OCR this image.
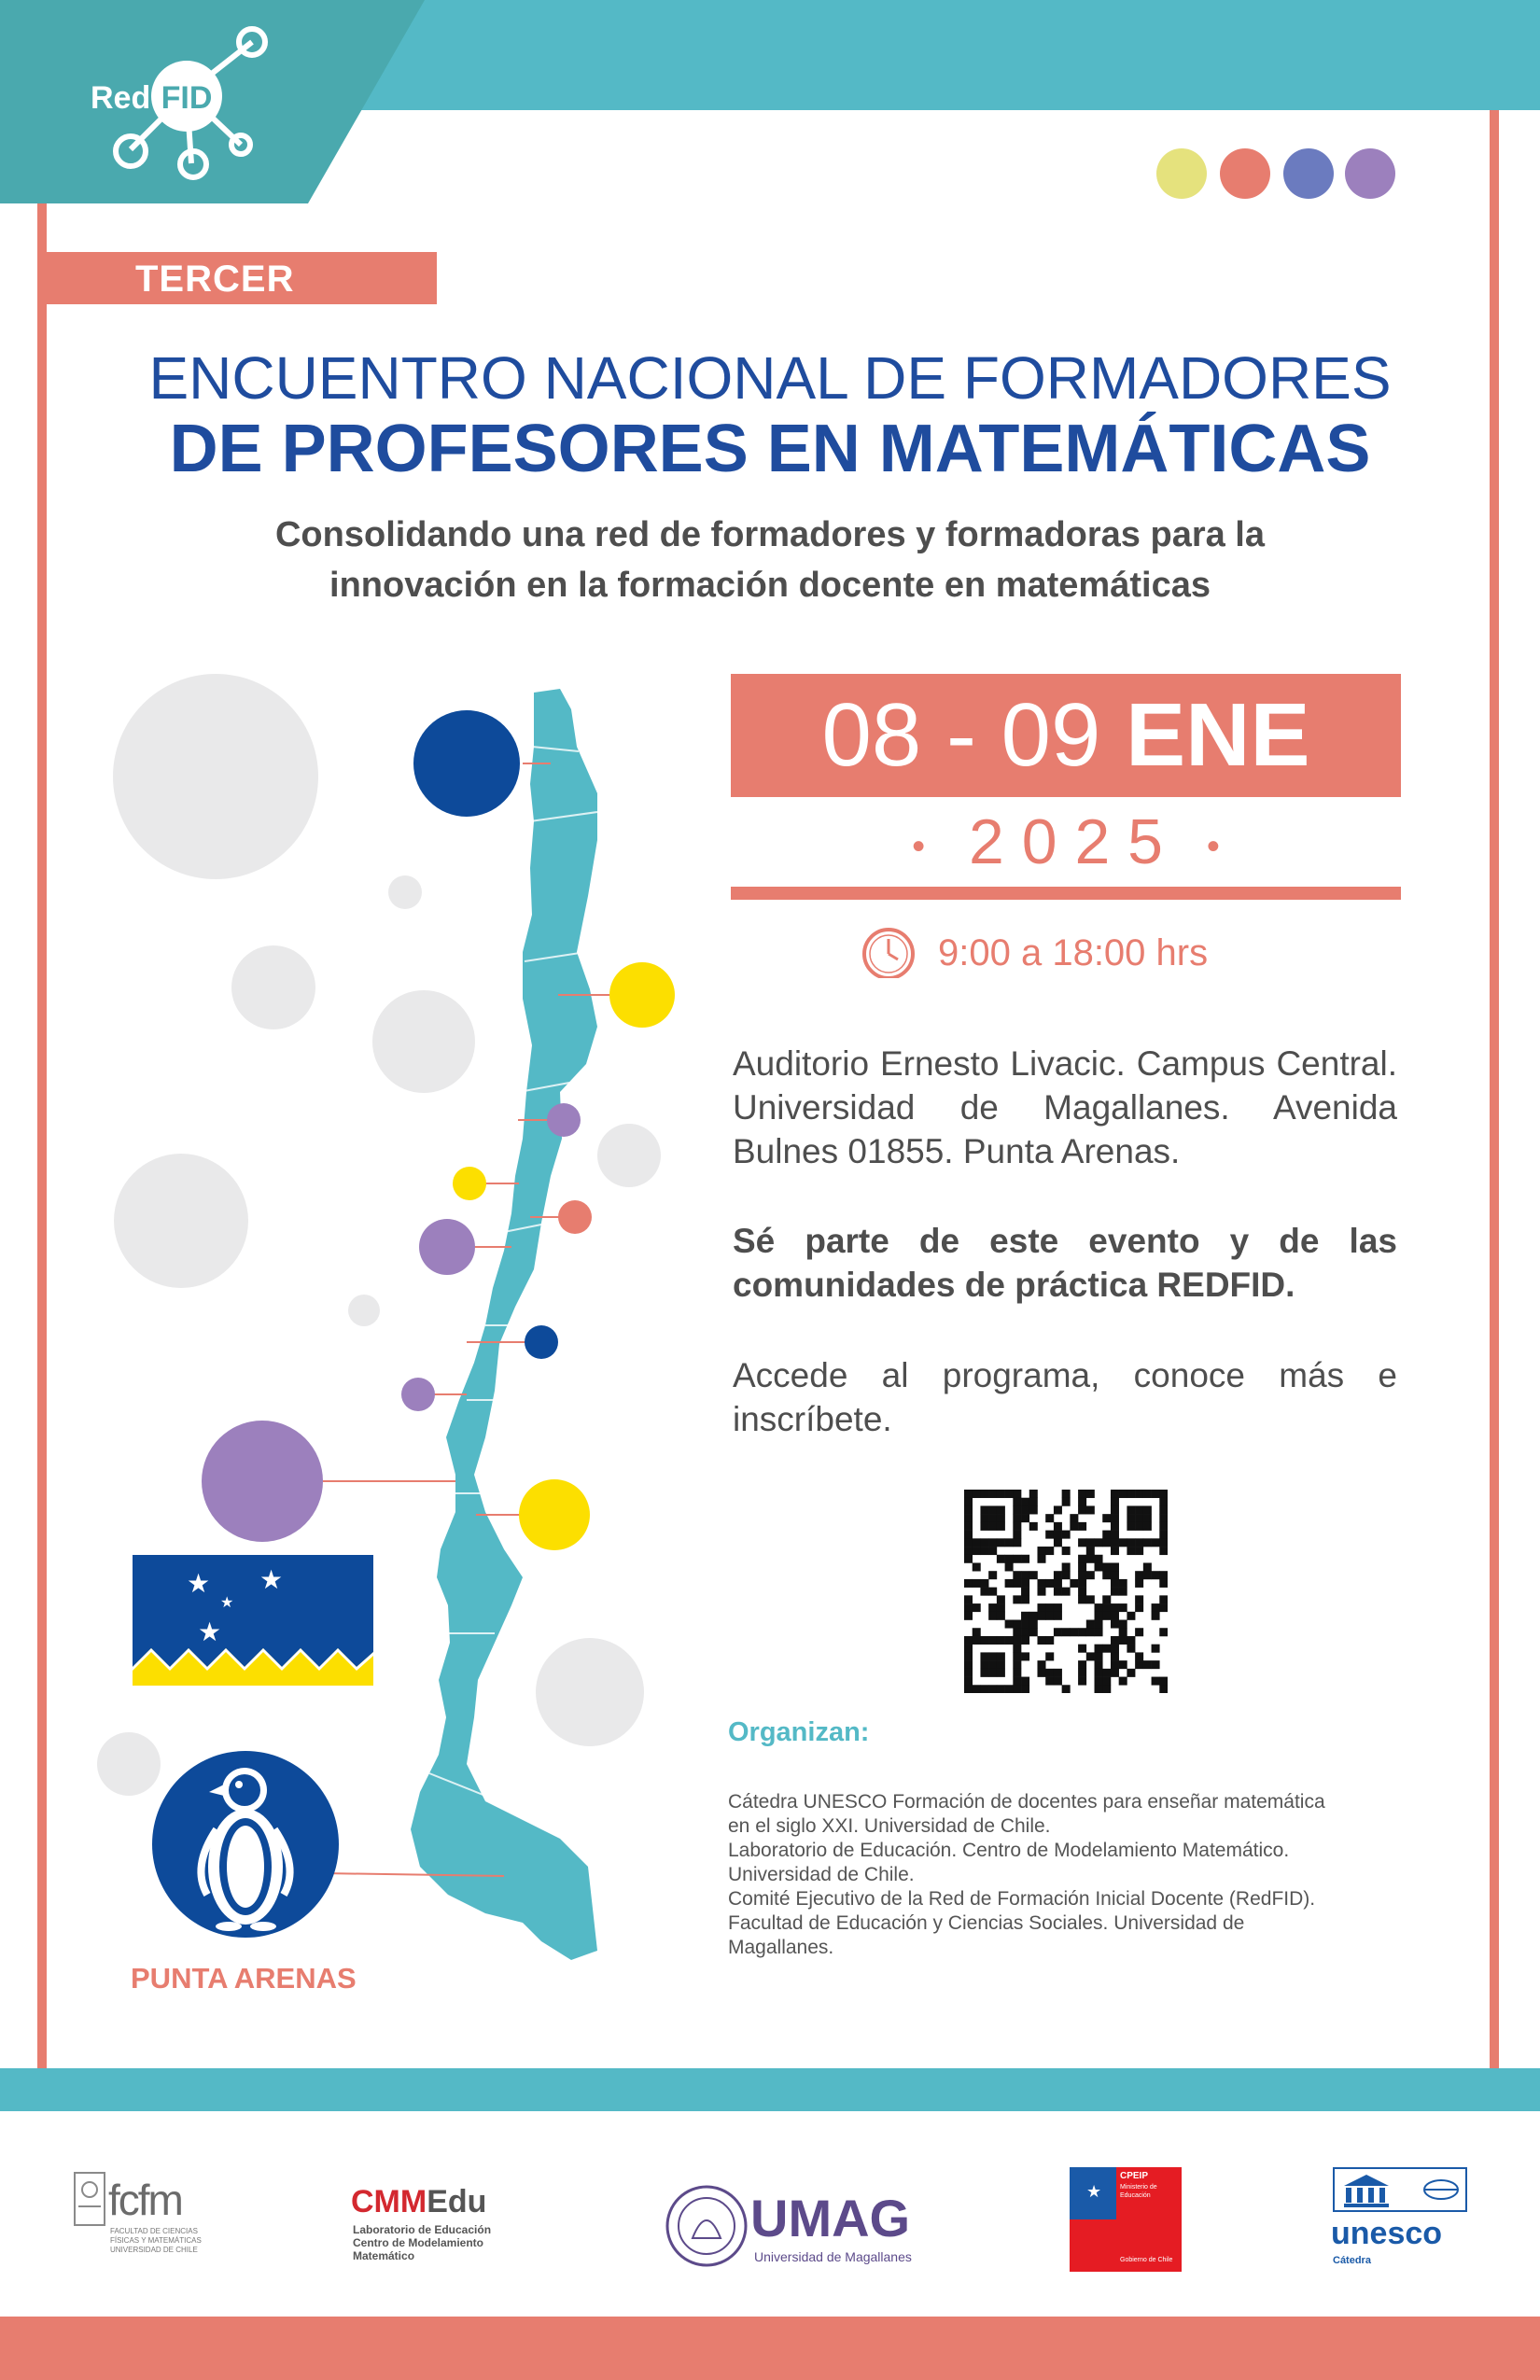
Red FID
TERCER
ENCUENTRO NACIONAL DE FORMADORES
DE PROFESORES EN MATEMÁTICAS
Consolidando una red de formadores y formadoras para la
innovación en la formación docente en matemáticas
★ ★
★
★
PUNTA ARENAS
08 - 09 ENE
• 2 0 2 5 •
9:00 a 18:00 hrs
Auditorio Ernesto Livacic. Campus Central. Universidad de Magallanes. Avenida Bulnes 01855. Punta Arenas.
Sé parte de este evento y de las comunidades de práctica REDFID.
Accede al programa, conoce más e inscríbete.
Organizan:
Cátedra UNESCO Formación de docentes para enseñar matemática
en el siglo XXI. Universidad de Chile.
Laboratorio de Educación. Centro de Modelamiento Matemático.
Universidad de Chile.
Comité Ejecutivo de la Red de Formación Inicial Docente (RedFID).
Facultad de Educación y Ciencias Sociales. Universidad de
Magallanes.
fcfm
FACULTAD DE CIENCIAS
FÍSICAS Y MATEMÁTICAS
UNIVERSIDAD DE CHILE
CMMEdu
Laboratorio de Educación
Centro de Modelamiento
Matemático
UMAG
Universidad de Magallanes
★
CPEIP
Ministerio de
Educación
Gobierno de Chile
unesco
Cátedra
